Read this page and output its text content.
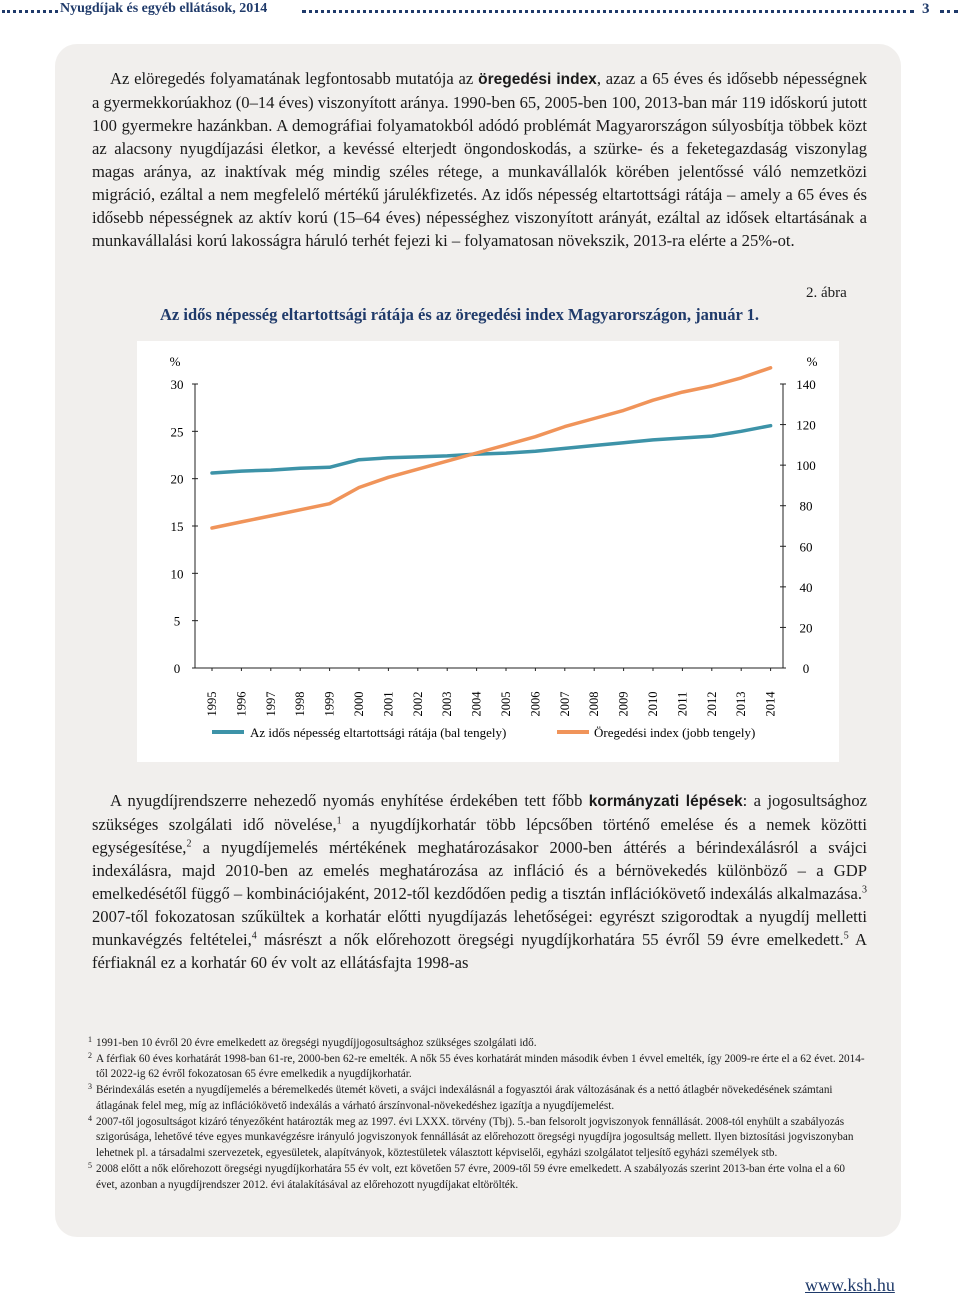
Nyugdíjak és egyéb ellátások, 2014	3

Az elöregedés folyamatának legfontosabb mutatója az öregedési index, azaz a 65 éves és idősebb népességnek a gyermekkorúakhoz (0–14 éves) viszonyított aránya. 1990-ben 65, 2005-ben 100, 2013-ban már 119 időskorú jutott 100 gyermekre hazánkban. A demográfiai folyamatokból adódó problémát Magyarországon súlyosbítja többek közt az alacsony nyugdíjazási életkor, a kevéssé elterjedt öngondoskodás, a szürke- és a feketegazdaság viszonylag magas aránya, az inaktívak még mindig széles rétege, a munkavállalók körében jelentőssé váló nemzetközi migráció, ezáltal a nem megfelelő mértékű járulékfizetés. Az idős népesség eltartottsági rátája – amely a 65 éves és idősebb népességnek az aktív korú (15–64 éves) népességhez viszonyított arányát, ezáltal az idősek eltartásának a munkavállalási korú lakosságra háruló terhét fejezi ki – folyamatosan növekszik, 2013-ra elérte a 25%-ot.

2. ábra
Az idős népesség eltartottsági rátája és az öregedési index Magyarországon, január 1.
%	%
0
5
10
15
20
25
30
0
20
40
60
80
100
120
140
1995 1996 1997 1998 1999 2000 2001 2002 2003 2004 2005 2006 2007 2008 2009 2010 2011 2012 2013 2014
Az idős népesség eltartottsági rátája (bal tengely)	Öregedési index (jobb tengely)

A nyugdíjrendszerre nehezedő nyomás enyhítése érdekében tett főbb kormányzati lépések: a jogosultsághoz szükséges szolgálati idő növelése,$^1$ a nyugdíjkorhatár több lépcsőben történő emelése és a nemek közötti egységesítése,$^2$ a nyugdíjemelés mértékének meghatározásakor 2000-ben áttérés a bérindexálásról a svájci indexálásra, majd 2010-ben az emelés meghatározása az infláció és a bérnövekedés különböző – a GDP emelkedésétől függő – kombinációjaként, 2012-től kezdődően pedig a tisztán inflációkövető indexálás alkalmazása.$^3$ 2007-től fokozatosan szűkültek a korhatár előtti nyugdíjazás lehetőségei: egyrészt szigorodtak a nyugdíj melletti munkavégzés feltételei,$^4$ másrészt a nők előrehozott öregségi nyugdíjkorhatára 55 évről 59 évre emelkedett.$^5$ A férfiaknál ez a korhatár 60 év volt az ellátásfajta 1998-as

1 1991-ben 10 évről 20 évre emelkedett az öregségi nyugdíjjogosultsághoz szükséges szolgálati idő.

2 A férfiak 60 éves korhatárát 1998-ban 61-re, 2000-ben 62-re emelték. A nők 55 éves korhatárát minden második évben 1 évvel emelték, így 2009-re érte el a 62 évet. 2014-től 2022-ig 62 évről fokozatosan 65 évre emelkedik a nyugdíjkorhatár.

3 Bérindexálás esetén a nyugdíjemelés a béremelkedés ütemét követi, a svájci indexálásnál a fogyasztói árak változásának és a nettó átlagbér növekedésének számtani átlagának felel meg, míg az inflációkövető indexálás a várható árszínvonal-növekedéshez igazítja a nyugdíjemelést.

4 2007-től jogosultságot kizáró tényezőként határozták meg az 1997. évi LXXX. törvény (Tbj). 5.-ban felsorolt jogviszonyok fennállását. 2008-tól enyhült a szabályozás szigorúsága, lehetővé téve egyes munkavégzésre irányuló jogviszonyok fennállását az előrehozott öregségi nyugdíjra jogosultság mellett. Ilyen biztosítási jogviszonyban lehetnek pl. a társadalmi szervezetek, egyesületek, alapítványok, köztestületek választott képviselői, egyházi szolgálatot teljesítő egyházi személyek stb.

5 2008 előtt a nők előrehozott öregségi nyugdíjkorhatára 55 év volt, ezt követően 57 évre, 2009-től 59 évre emelkedett. A szabályozás szerint 2013-ban érte volna el a 60 évet, azonban a nyugdíjrendszer 2012. évi átalakításával az előrehozott nyugdíjakat eltörölték.

www.ksh.hu
